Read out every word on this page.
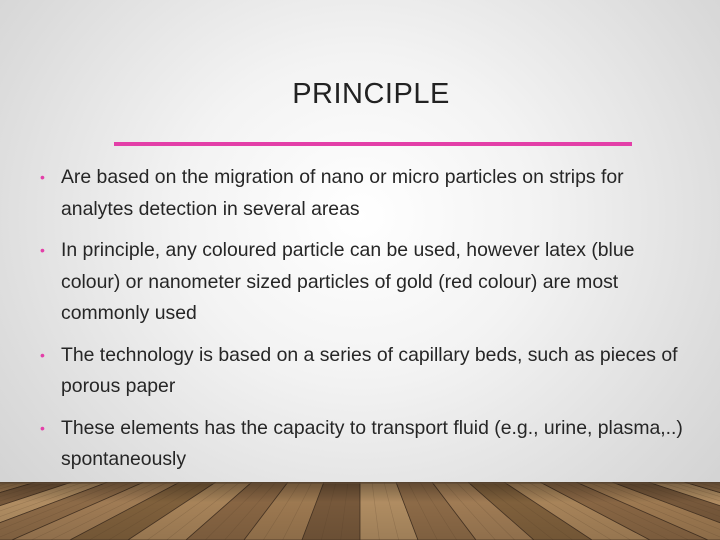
PRINCIPLE
• Are based on the migration of nano or micro particles on strips for analytes detection in several areas
• In principle, any coloured particle can be used, however latex (blue colour) or nanometer sized particles of gold (red colour) are most commonly used
• The technology is based on a series of capillary beds, such as pieces of porous paper
• These elements has the capacity to transport fluid (e.g., urine, plasma,..) spontaneously
